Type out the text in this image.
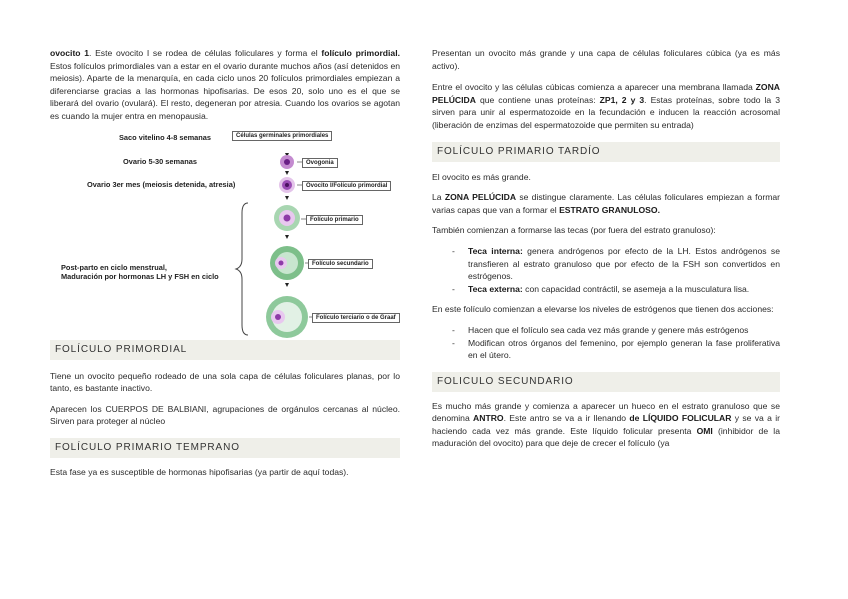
ovocito 1. Este ovocito I se rodea de células foliculares y forma el folículo primordial. Estos folículos primordiales van a estar en el ovario durante muchos años (así detenidos en meiosis). Aparte de la menarquía, en cada ciclo unos 20 folículos primordiales empiezan a diferenciarse gracias a las hormonas hipofisarias. De esos 20, solo uno es el que se liberará del ovario (ovulará). El resto, degeneran por atresia. Cuando los ovarios se agotan es cuando la mujer entra en menopausia.

Saco vitelino 4-8 semanas
Ovario 5-30 semanas
Ovario 3er mes (meiosis detenida, atresia)
Post-parto en ciclo menstrual,
Maduración por hormonas LH y FSH en ciclo
Células germinales primordiales
Ovogonia
Ovocito I/Folículo primordial
Folículo primario
Folículo secundario
Folículo terciario o de Graaf
FOLÍCULO PRIMORDIAL

Tiene un ovocito pequeño rodeado de una sola capa de células foliculares planas, por lo tanto, es bastante inactivo.

Aparecen los CUERPOS DE BALBIANI, agrupaciones de orgánulos cercanas al núcleo. Sirven para proteger al núcleo

FOLÍCULO PRIMARIO TEMPRANO

Esta fase ya es susceptible de hormonas hipofisarias (ya partir de aquí todas).

Presentan un ovocito más grande y una capa de células foliculares cúbica (ya es más activo).

Entre el ovocito y las células cúbicas comienza a aparecer una membrana llamada ZONA PELÚCIDA que contiene unas proteínas: ZP1, 2 y 3. Estas proteínas, sobre todo la 3 sirven para unir al espermatozoide en la fecundación e inducen la reacción acrosomal (liberación de enzimas del espermatozoide que permiten su entrada)

FOLÍCULO PRIMARIO TARDÍO

El ovocito es más grande.

La ZONA PELÚCIDA se distingue claramente. Las células foliculares empiezan a formar varias capas que van a formar el ESTRATO GRANULOSO.

También comienzan a formarse las tecas (por fuera del estrato granuloso):

- Teca interna: genera andrógenos por efecto de la LH. Estos andrógenos se transfieren al estrato granuloso que por efecto de la FSH son convertidos en estrógenos.
- Teca externa: con capacidad contráctil, se asemeja a la musculatura lisa.

En este folículo comienzan a elevarse los niveles de estrógenos que tienen dos acciones:

- Hacen que el folículo sea cada vez más grande y genere más estrógenos
- Modifican otros órganos del femenino, por ejemplo generan la fase proliferativa en el útero.
FOLICULO SECUNDARIO

Es mucho más grande y comienza a aparecer un hueco en el estrato granuloso que se denomina ANTRO. Este antro se va a ir llenando de LÍQUIDO FOLICULAR y se va a ir haciendo cada vez más grande. Este líquido folicular presenta OMI (inhibidor de la maduración del ovocito) para que deje de crecer el folículo (ya
